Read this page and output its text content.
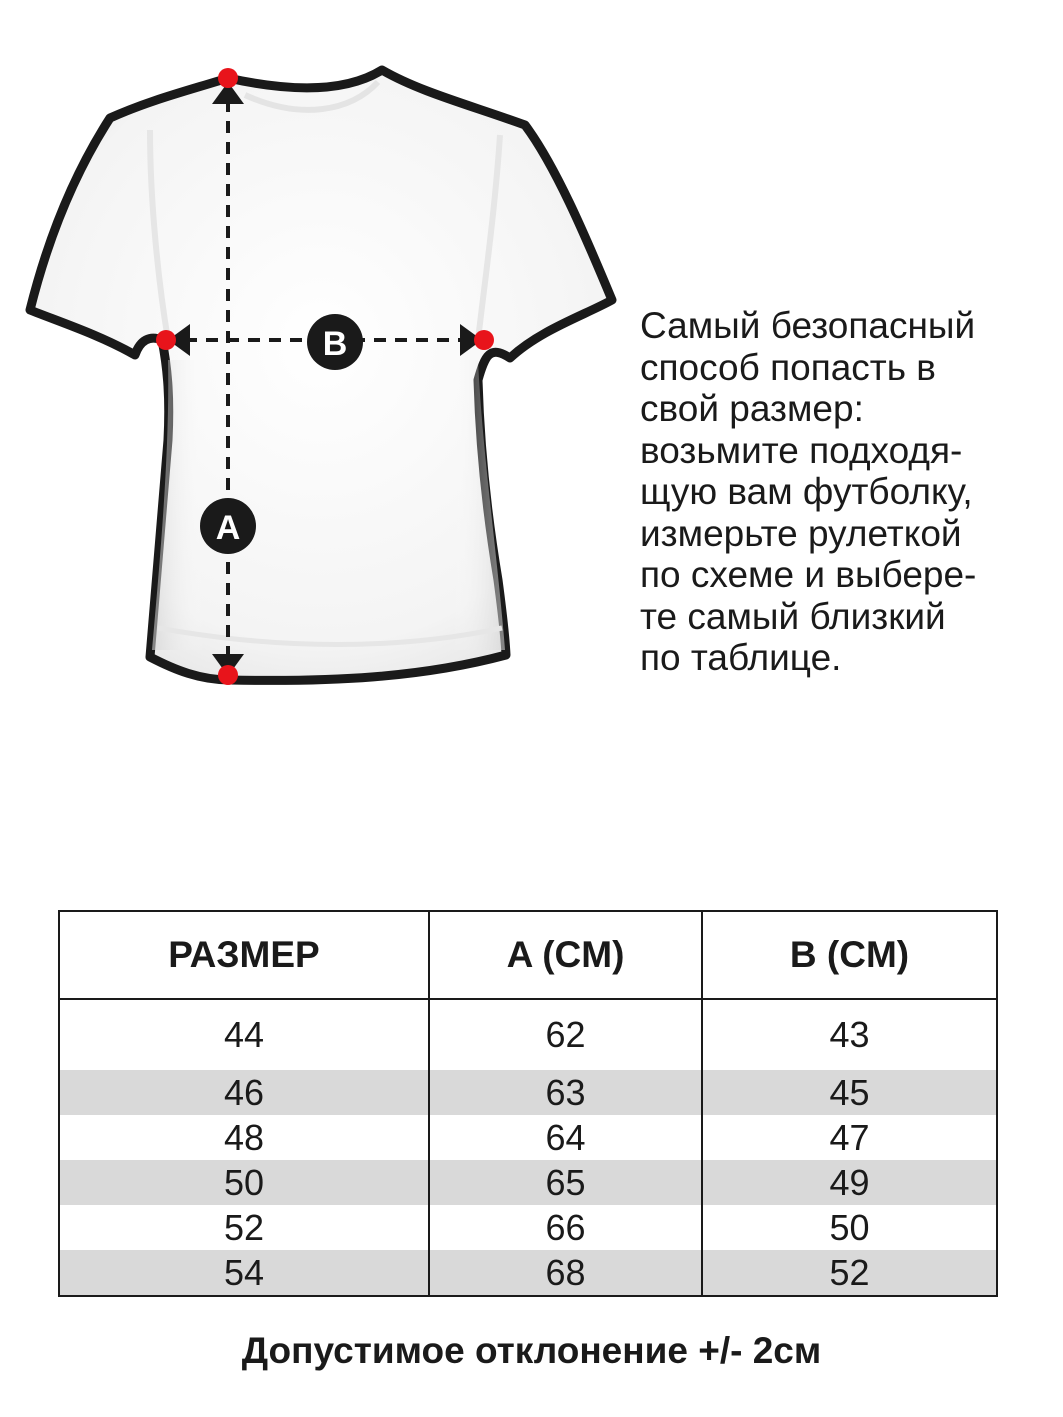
A
B	Самый безопасный
способ попасть в
свой размер:
возьмите подходя-
щую вам футболку,
измерьте рулеткой
по схеме и выбере-
те самый близкий
по таблице.

РАЗМЕР	A (CM)	B (CM)
44	62	43
46	63	45
48	64	47
50	65	49
52	66	50
54	68	52
Допустимое отклонение +/- 2см
